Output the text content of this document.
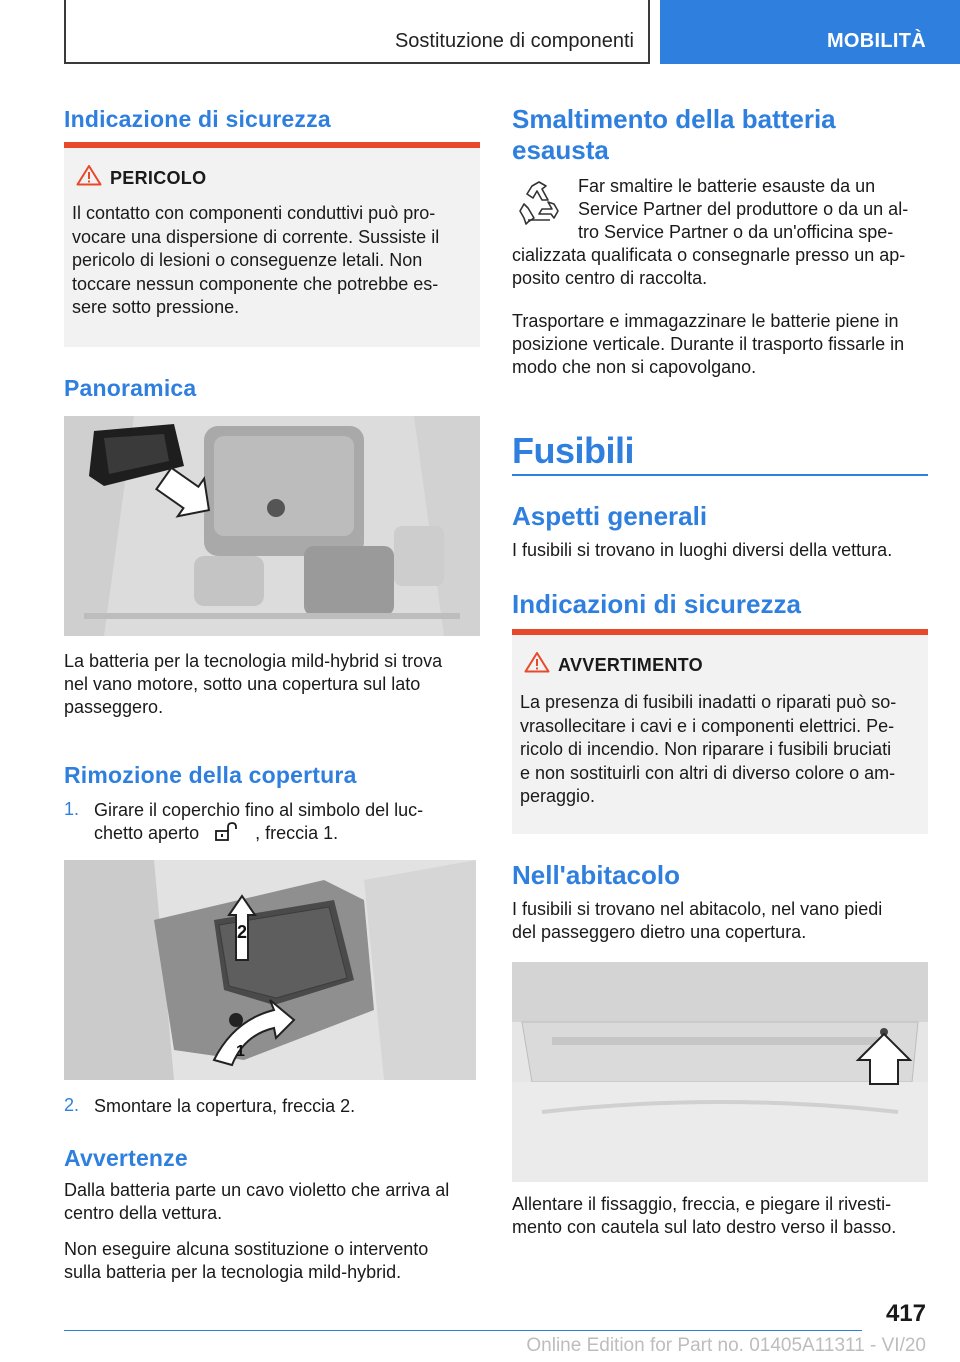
Sostituzione di componenti	MOBILITÀ
Indicazione di sicurezza
PERICOLO
Il contatto con componenti conduttivi può pro-
vocare una dispersione di corrente. Sussiste il
pericolo di lesioni o conseguenze letali. Non
toccare nessun componente che potrebbe es-
sere sotto pressione.
Panoramica

La batteria per la tecnologia mild-hybrid si trova
nel vano motore, sotto una copertura sul lato
passeggero.

Rimozione della copertura
1. Girare il coperchio fino al simbolo del luc-
chetto aperto	, freccia 1.
2
1
2. Smontare la copertura, freccia 2.
Avvertenze

Dalla batteria parte un cavo violetto che arriva al
centro della vettura.

Non eseguire alcuna sostituzione o intervento
sulla batteria per la tecnologia mild-hybrid.

Smaltimento della batteria
esausta

Far smaltire le batterie esauste da un
Service Partner del produttore o da un al-
tro Service Partner o da un'officina spe-

cializzata qualificata o consegnarle presso un ap-
posito centro di raccolta.

Trasportare e immagazzinare le batterie piene in
posizione verticale. Durante il trasporto fissarle in
modo che non si capovolgano.

Fusibili
Aspetti generali

I fusibili si trovano in luoghi diversi della vettura.

Indicazioni di sicurezza
AVVERTIMENTO
La presenza di fusibili inadatti o riparati può so-
vrasollecitare i cavi e i componenti elettrici. Pe-
ricolo di incendio. Non riparare i fusibili bruciati
e non sostituirli con altri di diverso colore o am-
peraggio.
Nell'abitacolo

I fusibili si trovano nel abitacolo, nel vano piedi
del passeggero dietro una copertura.

Allentare il fissaggio, freccia, e piegare il rivesti-
mento con cautela sul lato destro verso il basso.

417
Online Edition for Part no. 01405A11311 - VI/20
